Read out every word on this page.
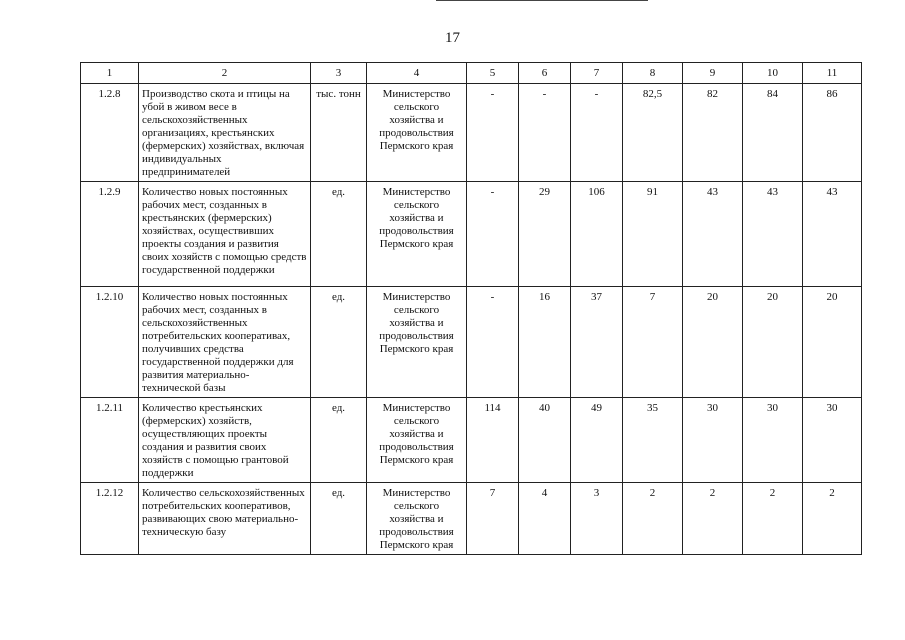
17
1	2	3	4	5	6	7	8	9	10	11
1.2.8	Производство скота и птицы на убой в живом весе в сельскохозяйственных организациях, крестьянских (фермерских) хозяйствах, включая индивидуальных предпринимателей	тыс. тонн	Министерство сельского хозяйства и продовольствия Пермского края	-	-	-	82,5	82	84	86
1.2.9	Количество новых постоянных рабочих мест, созданных в крестьянских (фермерских) хозяйствах, осуществивших проекты создания и развития своих хозяйств с помощью средств государственной поддержки	ед.	Министерство сельского хозяйства и продовольствия Пермского края	-	29	106	91	43	43	43
1.2.10	Количество новых постоянных рабочих мест, созданных в сельскохозяйственных потребительских кооперативах, получивших средства государственной поддержки для развития материально-технической базы	ед.	Министерство сельского хозяйства и продовольствия Пермского края	-	16	37	7	20	20	20
1.2.11	Количество крестьянских (фермерских) хозяйств, осуществляющих проекты создания и развития своих хозяйств с помощью грантовой поддержки	ед.	Министерство сельского хозяйства и продовольствия Пермского края	114	40	49	35	30	30	30
1.2.12	Количество сельскохозяйственных потребительских кооперативов, развивающих свою материально-техническую базу	ед.	Министерство сельского хозяйства и продовольствия Пермского края	7	4	3	2	2	2	2
